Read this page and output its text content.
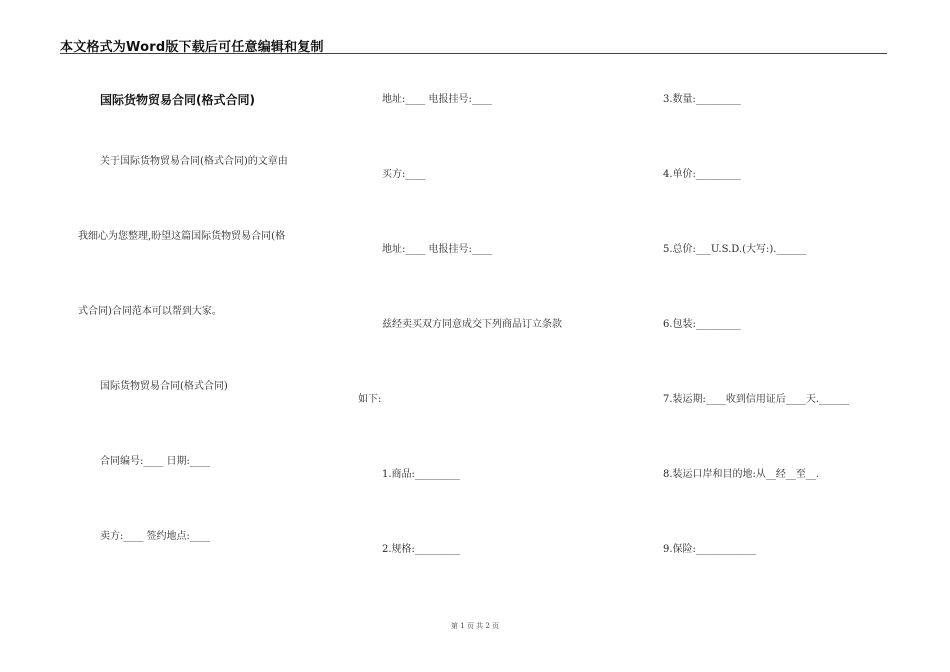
本文格式为Word版下载后可任意编辑和复制
国际货物贸易合同(格式合同)
关于国际货物贸易合同(格式合同)的文章由
我细心为您整理,盼望这篇国际货物贸易合同(格
式合同)合同范本可以帮到大家。
国际货物贸易合同(格式合同)
合同编号:____ 日期:____
卖方:____ 签约地点:____
地址:____ 电报挂号:____
买方:____
地址:____ 电报挂号:____
兹经卖买双方同意成交下列商品订立条款
如下:
1.商品:_________
2.规格:_________
3.数量:_________
4.单价:_________
5.总价:___U.S.D.(大写:).______
6.包装:_________
7.装运期:____收到信用证后____天.______
8.装运口岸和目的地:从__经__至__.
9.保险:____________
第 1 页 共 2 页
